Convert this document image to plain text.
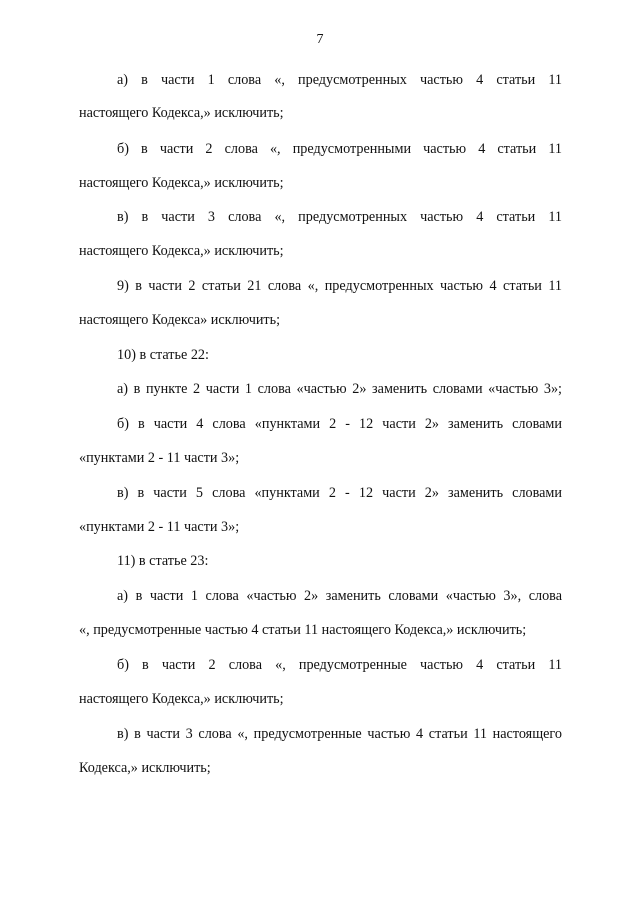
7
а) в части 1 слова «, предусмотренных частью 4 статьи 11
настоящего Кодекса,» исключить;
б) в части 2 слова «, предусмотренными частью 4 статьи 11
настоящего Кодекса,» исключить;
в) в части 3 слова «, предусмотренных частью 4 статьи 11
настоящего Кодекса,» исключить;
9) в части 2 статьи 21 слова «, предусмотренных частью 4 статьи 11
настоящего Кодекса» исключить;
10) в статье 22:
а) в пункте 2 части 1 слова «частью 2» заменить словами «частью 3»;
б) в части 4 слова «пунктами 2 - 12 части 2» заменить словами
«пунктами 2 - 11 части 3»;
в) в части 5 слова «пунктами 2 - 12 части 2» заменить словами
«пунктами 2 - 11 части 3»;
11) в статье 23:
а) в части 1 слова «частью 2» заменить словами «частью 3», слова
«, предусмотренные частью 4 статьи 11 настоящего Кодекса,» исключить;
б) в части 2 слова «, предусмотренные частью 4 статьи 11
настоящего Кодекса,» исключить;
в) в части 3 слова «, предусмотренные частью 4 статьи 11 настоящего
Кодекса,» исключить;
